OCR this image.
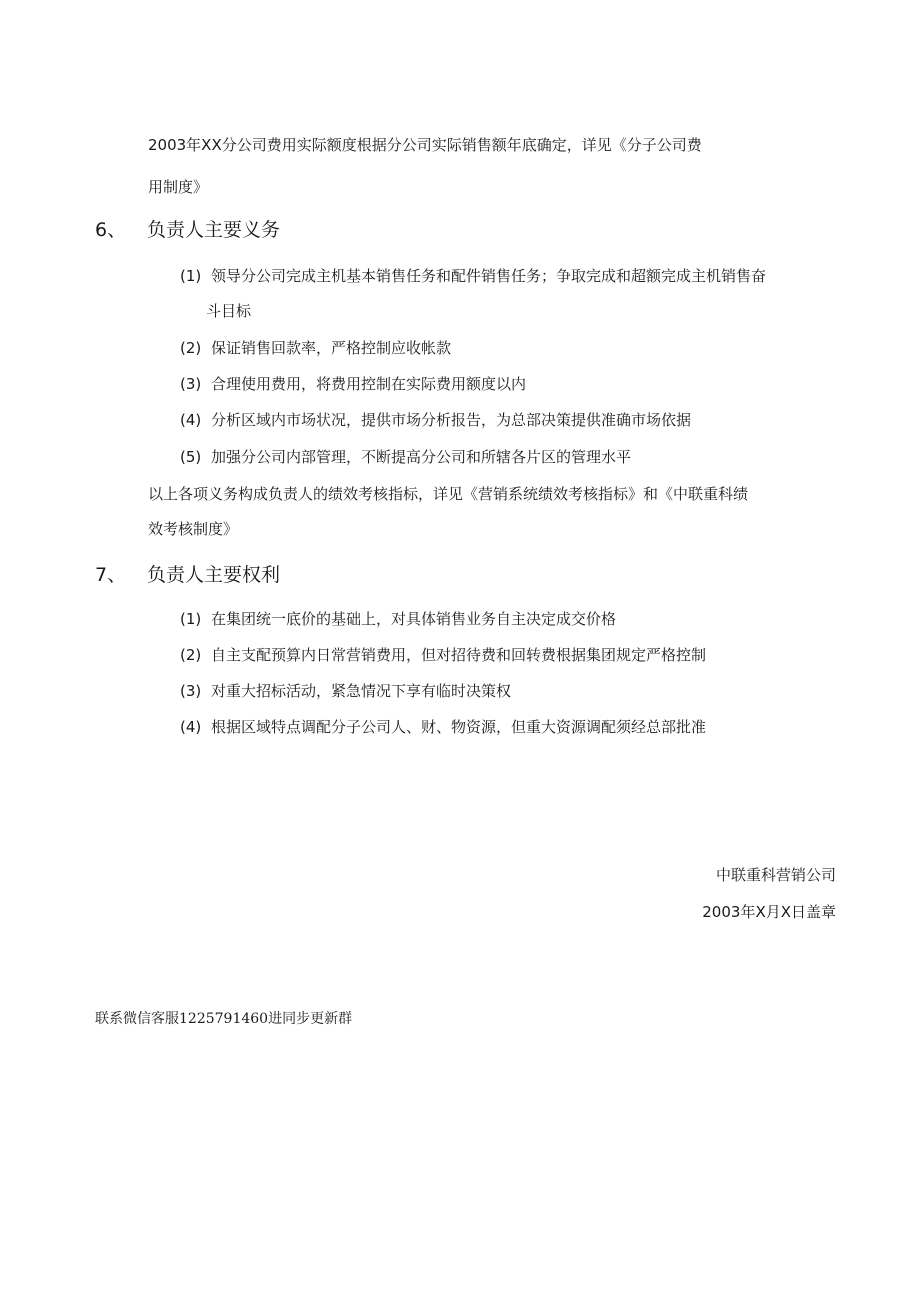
2003年XX分公司费用实际额度根据分公司实际销售额年底确定，详见《分子公司费
用制度》
6、 负责人主要义务
(1) 领导分公司完成主机基本销售任务和配件销售任务；争取完成和超额完成主机销售奋
斗目标
(2) 保证销售回款率，严格控制应收帐款
(3) 合理使用费用，将费用控制在实际费用额度以内
(4) 分析区域内市场状况，提供市场分析报告，为总部决策提供准确市场依据
(5) 加强分公司内部管理，不断提高分公司和所辖各片区的管理水平
以上各项义务构成负责人的绩效考核指标，详见《营销系统绩效考核指标》和《中联重科绩
效考核制度》
7、 负责人主要权利
(1) 在集团统一底价的基础上，对具体销售业务自主决定成交价格
(2) 自主支配预算内日常营销费用，但对招待费和回转费根据集团规定严格控制
(3) 对重大招标活动，紧急情况下享有临时决策权
(4) 根据区域特点调配分子公司人、财、物资源，但重大资源调配须经总部批准
中联重科营销公司
2003年X月X日盖章
联系微信客服1225791460进同步更新群
